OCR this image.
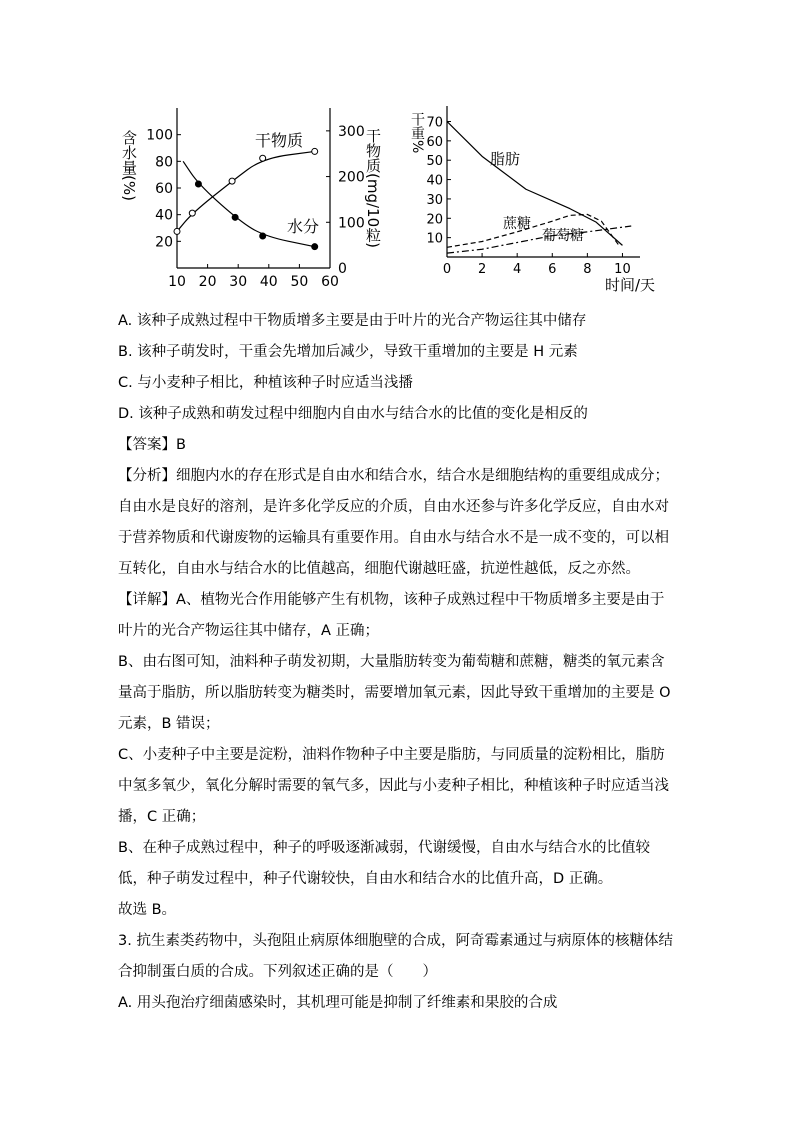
10 20 30 40 50 60
20
40
60
80
100
0
100
200
300
含水量(%)	干物质(mg/10粒)
干物质
水分
0 2 4 6 8 10
10
20
30
40
50
60
70
干重%
时间/天
脂肪
蔗糖
葡萄糖

A. 该种子成熟过程中干物质增多主要是由于叶片的光合产物运往其中储存

B. 该种子萌发时，干重会先增加后减少，导致干重增加的主要是 H 元素

C. 与小麦种子相比，种植该种子时应适当浅播

D. 该种子成熟和萌发过程中细胞内自由水与结合水的比值的变化是相反的

【答案】B

【分析】细胞内水的存在形式是自由水和结合水，结合水是细胞结构的重要组成成分；自由水是良好的溶剂，是许多化学反应的介质，自由水还参与许多化学反应，自由水对于营养物质和代谢废物的运输具有重要作用。自由水与结合水不是一成不变的，可以相互转化，自由水与结合水的比值越高，细胞代谢越旺盛，抗逆性越低，反之亦然。

【详解】A、植物光合作用能够产生有机物，该种子成熟过程中干物质增多主要是由于叶片的光合产物运往其中储存，A 正确；

B、由右图可知，油料种子萌发初期，大量脂肪转变为葡萄糖和蔗糖，糖类的氧元素含量高于脂肪，所以脂肪转变为糖类时，需要增加氧元素，因此导致干重增加的主要是 O 元素，B 错误；

C、小麦种子中主要是淀粉，油料作物种子中主要是脂肪，与同质量的淀粉相比，脂肪中氢多氧少，氧化分解时需要的氧气多，因此与小麦种子相比，种植该种子时应适当浅播，C 正确；

B、在种子成熟过程中，种子的呼吸逐渐减弱，代谢缓慢，自由水与结合水的比值较低，种子萌发过程中，种子代谢较快，自由水和结合水的比值升高，D 正确。

故选 B。

3. 抗生素类药物中，头孢阻止病原体细胞壁的合成，阿奇霉素通过与病原体的核糖体结合抑制蛋白质的合成。下列叙述正确的是（　　）

A. 用头孢治疗细菌感染时，其机理可能是抑制了纤维素和果胶的合成
